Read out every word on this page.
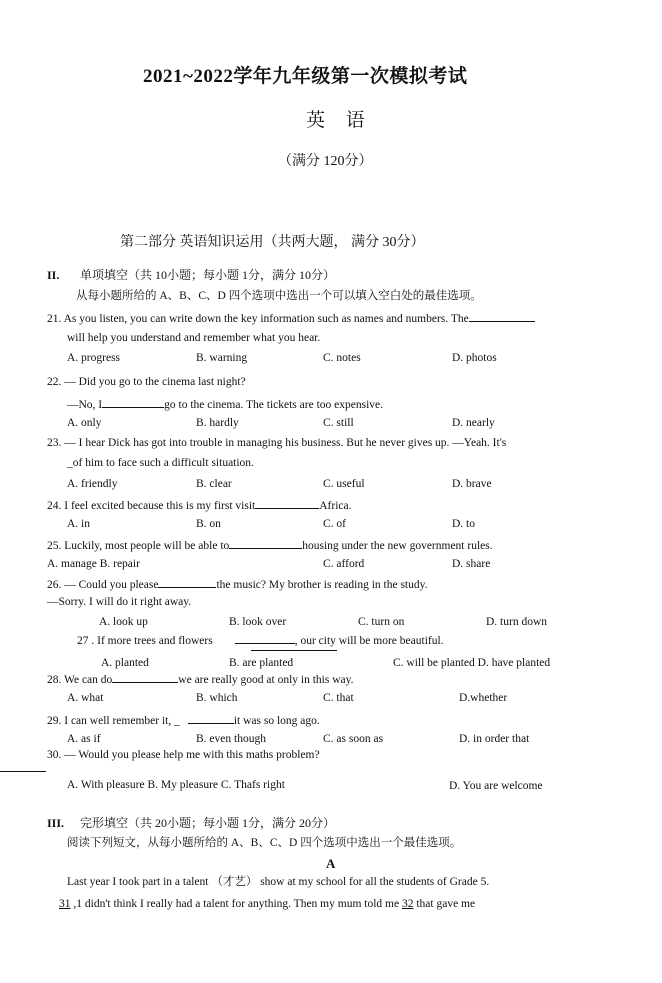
2021~2022学年九年级第一次模拟考试
英 语
（满分 120分）
第二部分 英语知识运用（共两大题， 满分 30分）
II. 单项填空（共 10小题；每小题 1分，满分 10分）
从每小题所给的 A、B、C、D 四个选项中选出一个可以填入空白处的最佳选项。
21. As you listen, you can write down the key information such as names and numbers. The
will help you understand and remember what you hear.
A. progress	B. warning	C. notes	D. photos
22. — Did you go to the cinema last night?
—No, I	go to the cinema. The tickets are too expensive.
A. only	B. hardly	C. still	D. nearly
23. — I hear Dick has got into trouble in managing his business. But he never gives up. —Yeah. It's
_of him to face such a difficult situation.
A. friendly	B. clear	C. useful	D. brave
24. I feel excited because this is my first visit	Africa.
A. in	B. on	C. of	D. to
25. Luckily, most people will be able to	housing under the new government rules.
A. manage B. repair	C. afford	D. share
26. — Could you please	the music? My brother is reading in the study.
—Sorry. I will do it right away.
A. look up	B. look over	C. turn on	D. turn down
27 . If more trees and flowers	, our city will be more beautiful.
A. planted	B. are planted	C. will be planted D. have planted
28. We can do	we are really good at only in this way.
A. what	B. which	C. that	D.whether
29. I can well remember it, _	it was so long ago.
A. as if	B. even though	C. as soon as	D. in order that
30. — Would you please help me with this maths problem?
A. With pleasure B. My pleasure C. Thafs right	D. You are welcome
III. 完形填空（共 20小题；每小题 1分，满分 20分）
阅读下列短文，从每小题所给的 A、B、C、D 四个选项中选出一个最佳选项。
A
Last year I took part in a talent （才艺） show at my school for all the students of Grade 5.
31 ,1 didn't think I really had a talent for anything. Then my mum told me 32 that gave me
